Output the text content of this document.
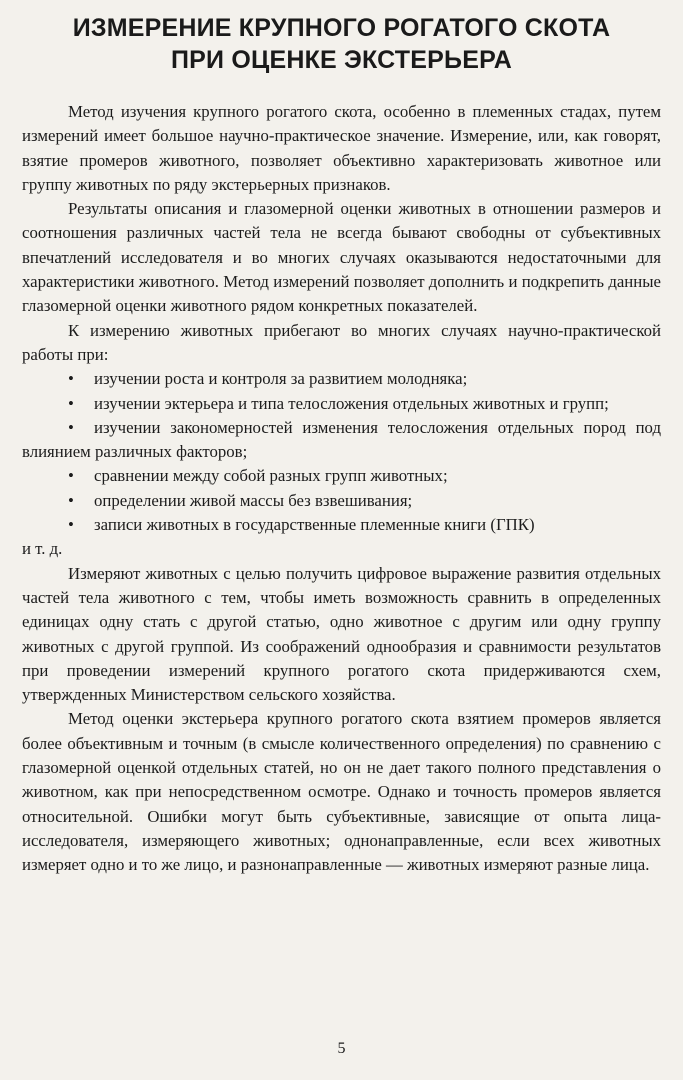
ИЗМЕРЕНИЕ КРУПНОГО РОГАТОГО СКОТА
ПРИ ОЦЕНКЕ ЭКСТЕРЬЕРА

Метод изучения крупного рогатого скота, особенно в племенных стадах, путем измерений имеет большое научно-практическое значение. Измерение, или, как говорят, взятие промеров животного, позволяет объективно характеризовать животное или группу животных по ряду экстерьерных признаков.

Результаты описания и глазомерной оценки животных в отношении размеров и соотношения различных частей тела не всегда бывают свободны от субъективных впечатлений исследователя и во многих случаях оказываются недостаточными для характеристики животного. Метод измерений позволяет дополнить и подкрепить данные глазомерной оценки животного рядом конкретных показателей.

К измерению животных прибегают во многих случаях научно-практической работы при:

• изучении роста и контроля за развитием молодняка;
• изучении эктерьера и типа телосложения отдельных животных и групп;
• изучении закономерностей изменения телосложения отдельных пород под влиянием различных факторов;
• сравнении между собой разных групп животных;
• определении живой массы без взвешивания;
• записи животных в государственные племенные книги (ГПК)

и т. д.

Измеряют животных с целью получить цифровое выражение развития отдельных частей тела животного с тем, чтобы иметь возможность сравнить в определенных единицах одну стать с другой статью, одно животное с другим или одну группу животных с другой группой. Из соображений однообразия и сравнимости результатов при проведении измерений крупного рогатого скота придерживаются схем, утвержденных Министерством сельского хозяйства.

Метод оценки экстерьера крупного рогатого скота взятием промеров является более объективным и точным (в смысле количественного определения) по сравнению с глазомерной оценкой отдельных статей, но он не дает такого полного представления о животном, как при непосредственном осмотре. Однако и точность промеров является относительной. Ошибки могут быть субъективные, зависящие от опыта лица-исследователя, измеряющего животных; однонаправленные, если всех животных измеряет одно и то же лицо, и разнонаправленные — животных измеряют разные лица.

5
